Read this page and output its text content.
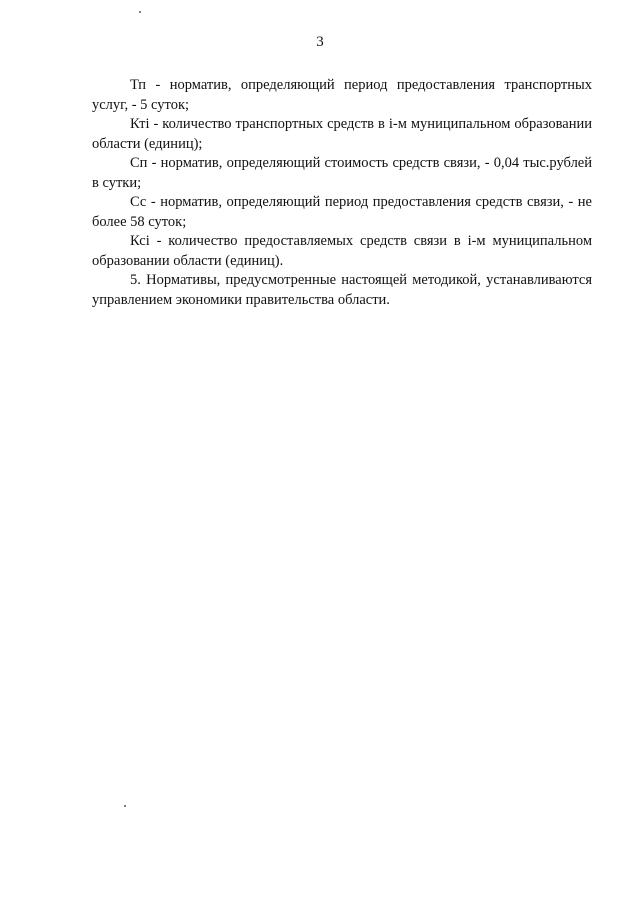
3

Тп - норматив, определяющий период предоставления транспортных услуг, - 5 суток;

Ктi - количество транспортных средств в i-м муниципальном образовании области (единиц);

Сп - норматив, определяющий стоимость средств связи, - 0,04 тыс.рублей в сутки;

Сс - норматив, определяющий период предоставления средств связи, - не более 58 суток;

Ксi - количество предоставляемых средств связи в i-м муниципальном образовании области (единиц).

5. Нормативы, предусмотренные настоящей методикой, устанавливаются управлением экономики правительства области.
